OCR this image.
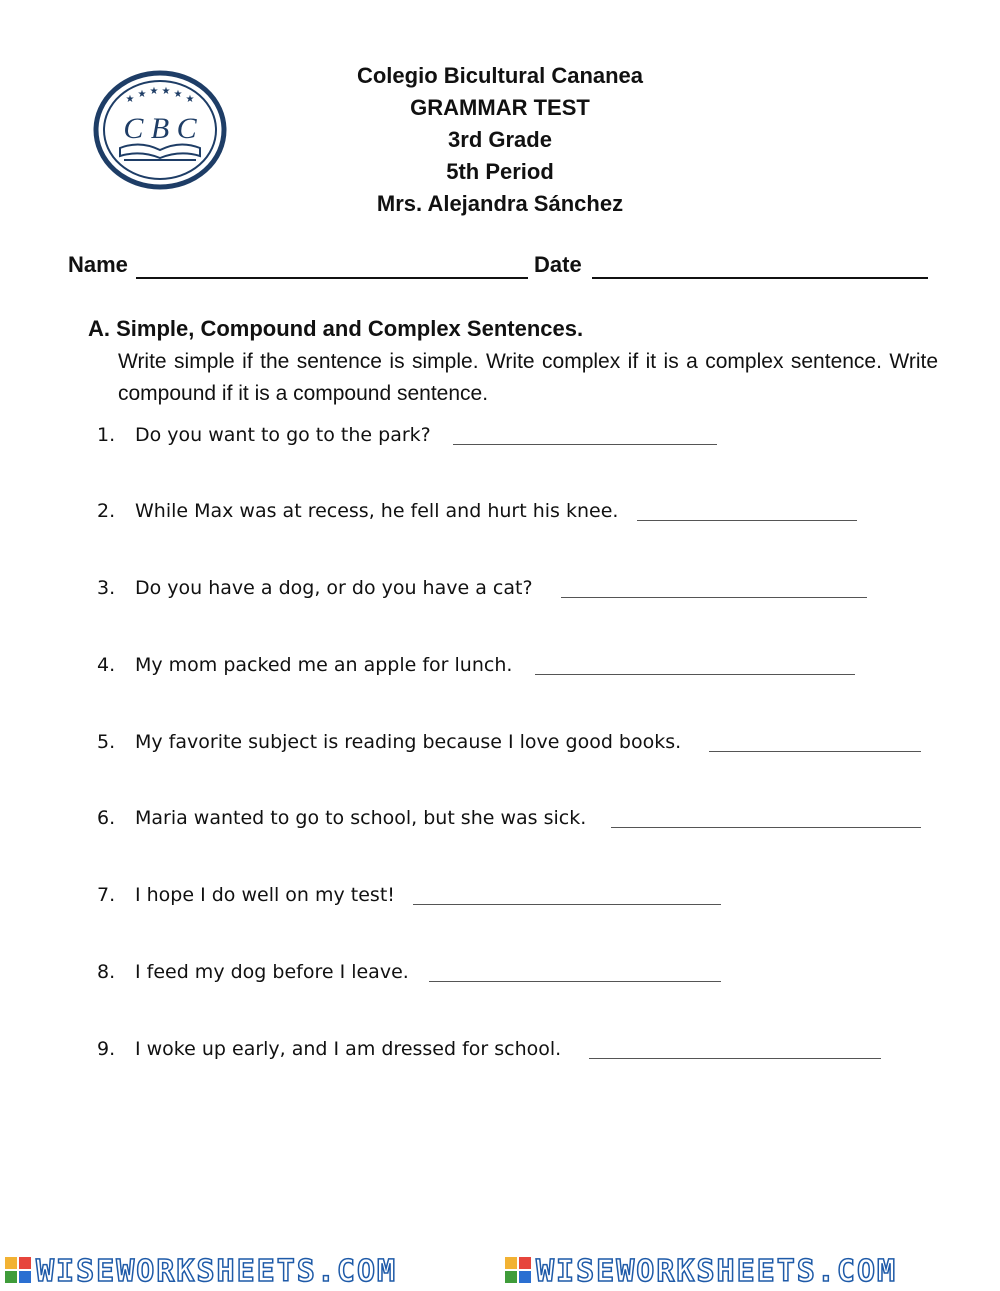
★ ★ ★ ★ ★ ★
C B C
Colegio Bicultural Cananea
GRAMMAR TEST
3rd Grade
5th Period
Mrs. Alejandra Sánchez
Name	Date
A. Simple, Compound and Complex Sentences.
Write simple if the sentence is simple. Write complex if it is a complex sentence. Write compound if it is a compound sentence.
1.	Do you want to go to the park?
2.	While Max was at recess, he fell and hurt his knee.
3.	Do you have a dog, or do you have a cat?
4.	My mom packed me an apple for lunch.
5.	My favorite subject is reading because I love good books.
6.	Maria wanted to go to school, but she was sick.
7.	I hope I do well on my test!
8.	I feed my dog before I leave.
9.	I woke up early, and I am dressed for school.
WISEWORKSHEETS.COM	WISEWORKSHEETS.COM
